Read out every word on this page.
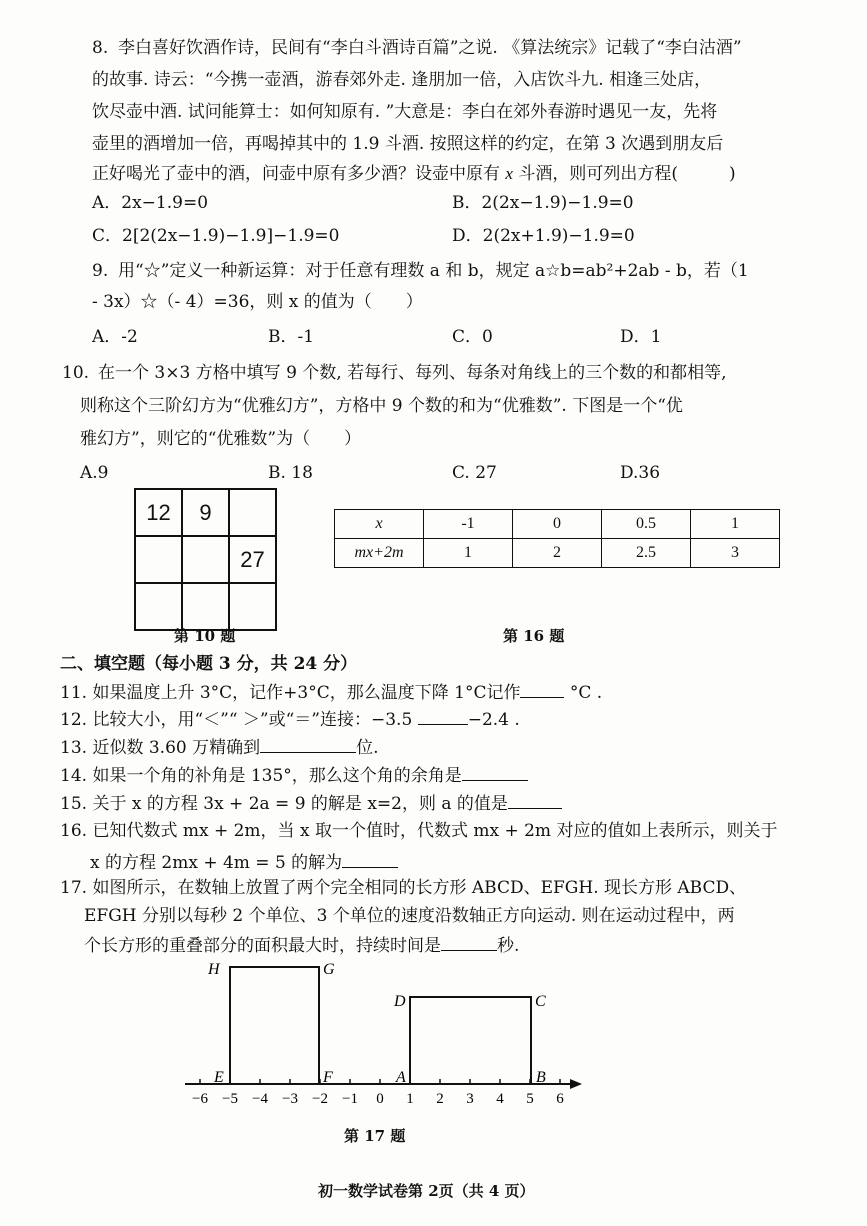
8. 李白喜好饮酒作诗，民间有“李白斗酒诗百篇”之说. 《算法统宗》记载了“李白沽酒”
的故事. 诗云：“今携一壶酒，游春郊外走. 逢朋加一倍，入店饮斗九. 相逢三处店，
饮尽壶中酒. 试问能算士：如何知原有. ”大意是：李白在郊外春游时遇见一友，先将
壶里的酒增加一倍，再喝掉其中的 1.9 斗酒. 按照这样的约定，在第 3 次遇到朋友后
正好喝光了壶中的酒，问壶中原有多少酒？设壶中原有 x 斗酒，则可列出方程(　　　)
A．2x−1.9=0	B．2(2x−1.9)−1.9=0
C．2[2(2x−1.9)−1.9]−1.9=0	D．2(2x+1.9)−1.9=0
9. 用“☆”定义一种新运算：对于任意有理数 a 和 b，规定 a☆b=ab²+2ab - b，若（1
- 3x）☆（- 4）=36，则 x 的值为（　　）
A．-2	B．-1	C．0	D．1
10. 在一个 3×3 方格中填写 9 个数, 若每行、每列、每条对角线上的三个数的和都相等,
则称这个三阶幻方为“优雅幻方”，方格中 9 个数的和为“优雅数”. 下图是一个“优
雅幻方”，则它的“优雅数”为（　　）
A.9	B. 18	C. 27	D.36
12	9	
		27

第 10 题
x	-1	0	0.5	1
mx+2m	1	2	2.5	3
第 16 题
二、填空题（每小题 3 分，共 24 分）
11. 如果温度上升 3°C，记作+3°C，那么温度下降 1°C记作	°C .
12. 比较大小，用“＜”“ ＞”或“＝”连接：−3.5	−2.4 .
13. 近似数 3.60 万精确到	位.
14. 如果一个角的补角是 135°，那么这个角的余角是
15. 关于 x 的方程 3x + 2a = 9 的解是 x=2，则 a 的值是
16. 已知代数式 mx + 2m，当 x 取一个值时，代数式 mx + 2m 对应的值如上表所示，则关于
x 的方程 2mx + 4m = 5 的解为
17. 如图所示，在数轴上放置了两个完全相同的长方形 ABCD、EFGH. 现长方形 ABCD、
EFGH 分别以每秒 2 个单位、3 个单位的速度沿数轴正方向运动. 则在运动过程中，两
个长方形的重叠部分的面积最大时，持续时间是	秒.
−6 −5 −4 −3 −2 −1 0 1 2 3 4 5 6
H	G
E	F
D	C
A	B
第 17 题
初一数学试卷第 2页（共 4 页）
